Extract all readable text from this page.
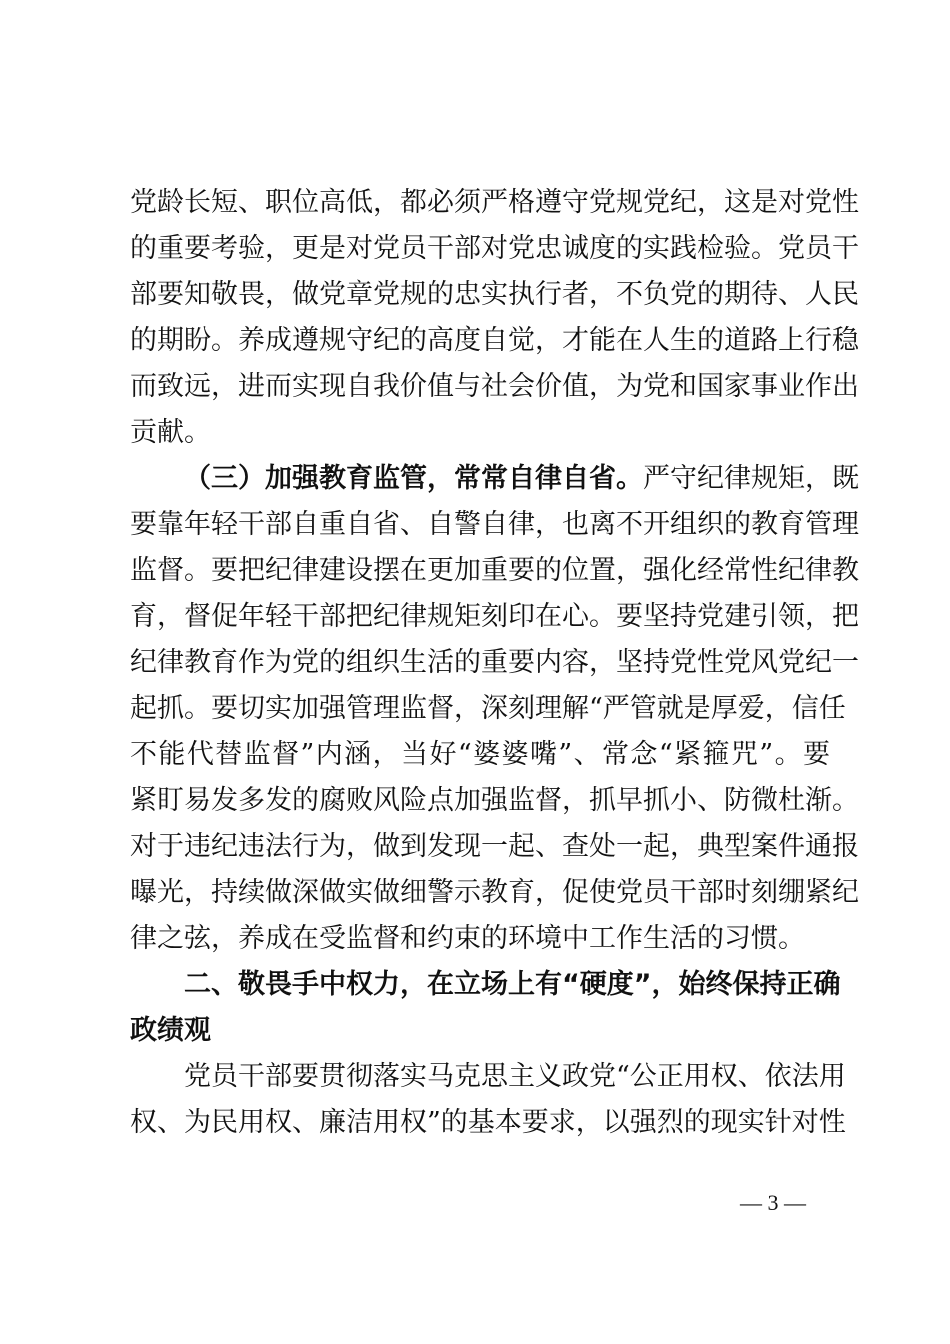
党龄长短、职位高低，都必须严格遵守党规党纪，这是对党性
的重要考验，更是对党员干部对党忠诚度的实践检验。党员干
部要知敬畏，做党章党规的忠实执行者，不负党的期待、人民
的期盼。养成遵规守纪的高度自觉，才能在人生的道路上行稳
而致远，进而实现自我价值与社会价值，为党和国家事业作出
贡献。
（三）加强教育监管，常常自律自省。严守纪律规矩，既
要靠年轻干部自重自省、自警自律，也离不开组织的教育管理
监督。要把纪律建设摆在更加重要的位置，强化经常性纪律教
育，督促年轻干部把纪律规矩刻印在心。要坚持党建引领，把
纪律教育作为党的组织生活的重要内容，坚持党性党风党纪一
起抓。要切实加强管理监督，深刻理解“严管就是厚爱，信任
不能代替监督”内涵，当好“婆婆嘴”、常念“紧箍咒”。要
紧盯易发多发的腐败风险点加强监督，抓早抓小、防微杜渐。
对于违纪违法行为，做到发现一起、查处一起，典型案件通报
曝光，持续做深做实做细警示教育，促使党员干部时刻绷紧纪
律之弦，养成在受监督和约束的环境中工作生活的习惯。
二、敬畏手中权力，在立场上有“硬度”，始终保持正确
政绩观
党员干部要贯彻落实马克思主义政党“公正用权、依法用
权、为民用权、廉洁用权”的基本要求，以强烈的现实针对性
— 3 —
